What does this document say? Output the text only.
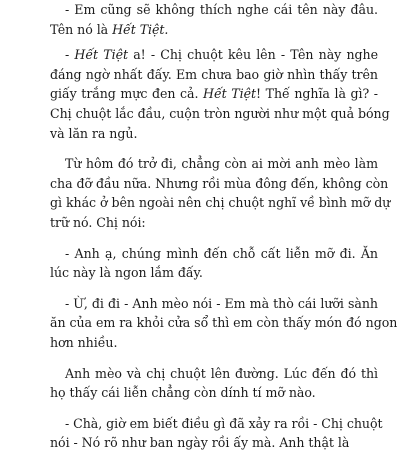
- Em cũng sẽ không thích nghe cái tên này đâu.
Tên nó là Hết Tiệt.
- Hết Tiệt a! - Chị chuột kêu lên - Tên này nghe
đáng ngờ nhất đấy. Em chưa bao giờ nhìn thấy trên
giấy trắng mực đen cả. Hết Tiệt! Thế nghĩa là gì? -
Chị chuột lắc đầu, cuộn tròn người như một quả bóng
và lăn ra ngủ.
Từ hôm đó trở đi, chẳng còn ai mời anh mèo làm
cha đỡ đầu nữa. Nhưng rồi mùa đông đến, không còn
gì khác ở bên ngoài nên chị chuột nghĩ về bình mỡ dự
trữ nó. Chị nói:
- Anh ạ, chúng mình đến chỗ cất liễn mỡ đi. Ăn
lúc này là ngon lắm đấy.
- Ừ, đi đi - Anh mèo nói - Em mà thò cái lưỡi sành
ăn của em ra khỏi cửa sổ thì em còn thấy món đó ngon
hơn nhiều.
Anh mèo và chị chuột lên đường. Lúc đến đó thì
họ thấy cái liễn chẳng còn dính tí mỡ nào.
- Chà, giờ em biết điều gì đã xảy ra rồi - Chị chuột
nói - Nó rõ như ban ngày rồi ấy mà. Anh thật là
